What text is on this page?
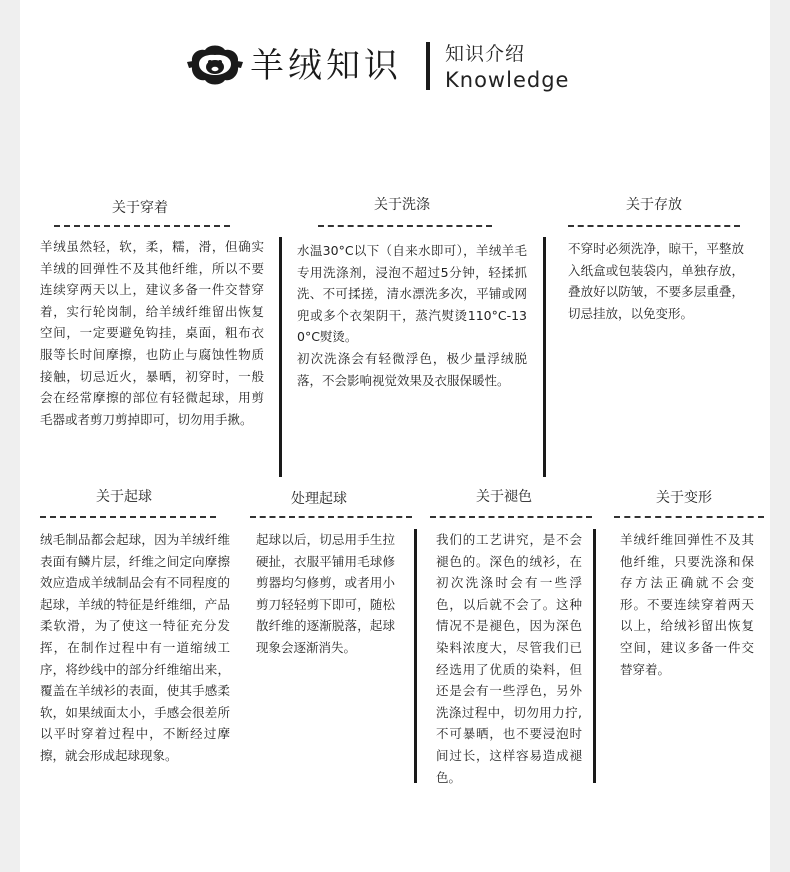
羊绒知识 知识介绍
Knowledge
关于穿着
羊绒虽然轻，软，柔，糯，滑，但确实羊绒的回弹性不及其他纤维，所以不要连续穿两天以上，建议多备一件交替穿着，实行轮岗制，给羊绒纤维留出恢复空间，一定要避免钩挂，桌面，粗布衣服等长时间摩擦，也防止与腐蚀性物质接触，切忌近火，暴晒，初穿时，一般会在经常摩擦的部位有轻微起球，用剪毛器或者剪刀剪掉即可，切勿用手揪。
关于洗涤

水温30°C以下（自来水即可），羊绒羊毛专用洗涤剂，浸泡不超过5分钟，轻揉抓洗、不可揉搓，清水漂洗多次，平铺或网兜或多个衣架阴干，蒸汽熨烫110°C-130°C熨烫。

初次洗涤会有轻微浮色，极少量浮绒脱落，不会影响视觉效果及衣服保暖性。

关于存放
不穿时必须洗净，晾干，平整放入纸盒或包装袋内，单独存放，叠放好以防皱，不要多层重叠，切忌挂放，以免变形。
关于起球
绒毛制品都会起球，因为羊绒纤维表面有鳞片层，纤维之间定向摩擦效应造成羊绒制品会有不同程度的起球，羊绒的特征是纤维细，产品柔软滑，为了使这一特征充分发挥，在制作过程中有一道缩绒工序，将纱线中的部分纤维缩出来，覆盖在羊绒衫的表面，使其手感柔软，如果绒面太小，手感会很差所以平时穿着过程中，不断经过摩擦，就会形成起球现象。
处理起球
起球以后，切忌用手生拉硬扯，衣服平铺用毛球修剪器均匀修剪，或者用小剪刀轻轻剪下即可，随松散纤维的逐渐脱落，起球现象会逐渐消失。
关于褪色
我们的工艺讲究，是不会褪色的。深色的绒衫，在初次洗涤时会有一些浮色，以后就不会了。这种情况不是褪色，因为深色染料浓度大，尽管我们已经选用了优质的染料，但还是会有一些浮色，另外洗涤过程中，切勿用力拧,不可暴晒，也不要浸泡时间过长，这样容易造成褪色。
关于变形
羊绒纤维回弹性不及其他纤维，只要洗涤和保存方法正确就不会变形。不要连续穿着两天以上，给绒衫留出恢复空间，建议多备一件交替穿着。
